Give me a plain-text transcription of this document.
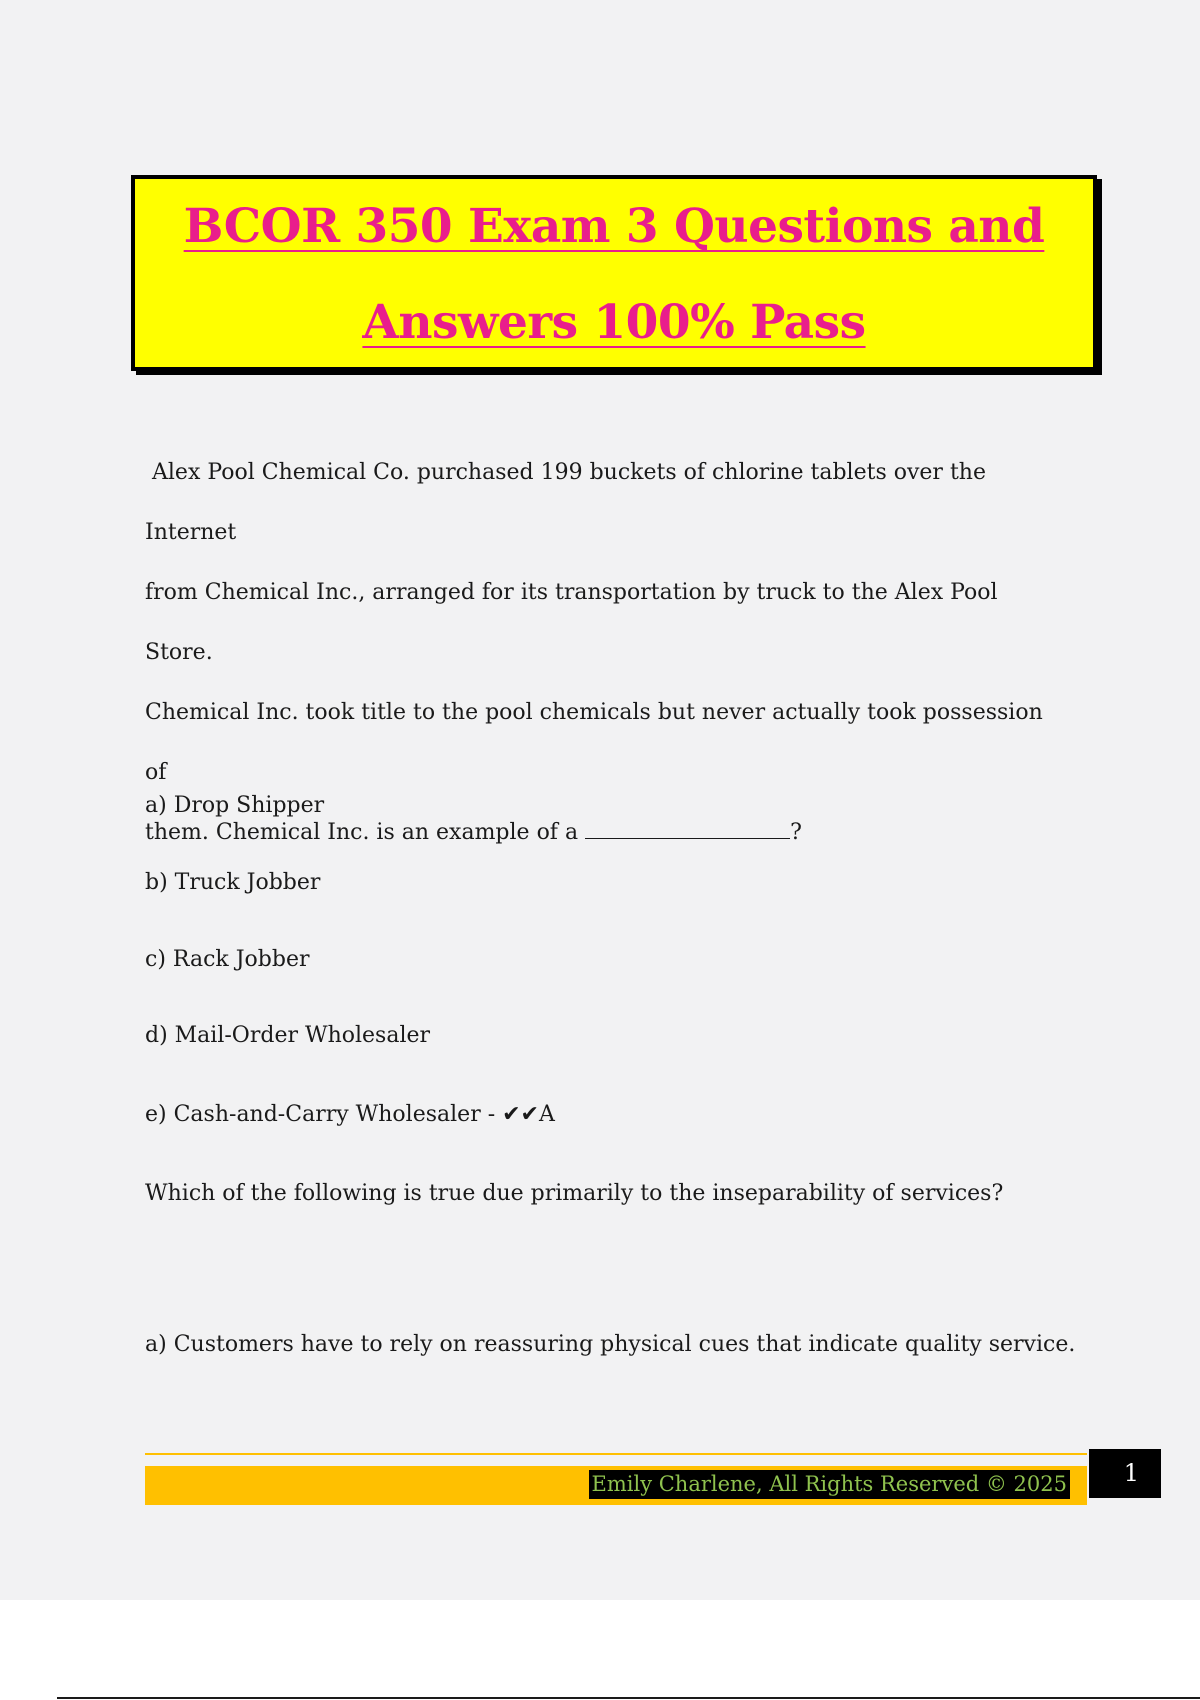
BCOR 350 Exam 3 Questions and
Answers 100% Pass

Alex Pool Chemical Co. purchased 199 buckets of chlorine tablets over the Internet

from Chemical Inc., arranged for its transportation by truck to the Alex Pool Store.

Chemical Inc. took title to the pool chemicals but never actually took possession of

them. Chemical Inc. is an example of a	?

a) Drop Shipper
b) Truck Jobber
c) Rack Jobber
d) Mail-Order Wholesaler
e) Cash-and-Carry Wholesaler - ✔✔A
Which of the following is true due primarily to the inseparability of services?
a) Customers have to rely on reassuring physical cues that indicate quality service.
Emily Charlene, All Rights Reserved © 2025	1
